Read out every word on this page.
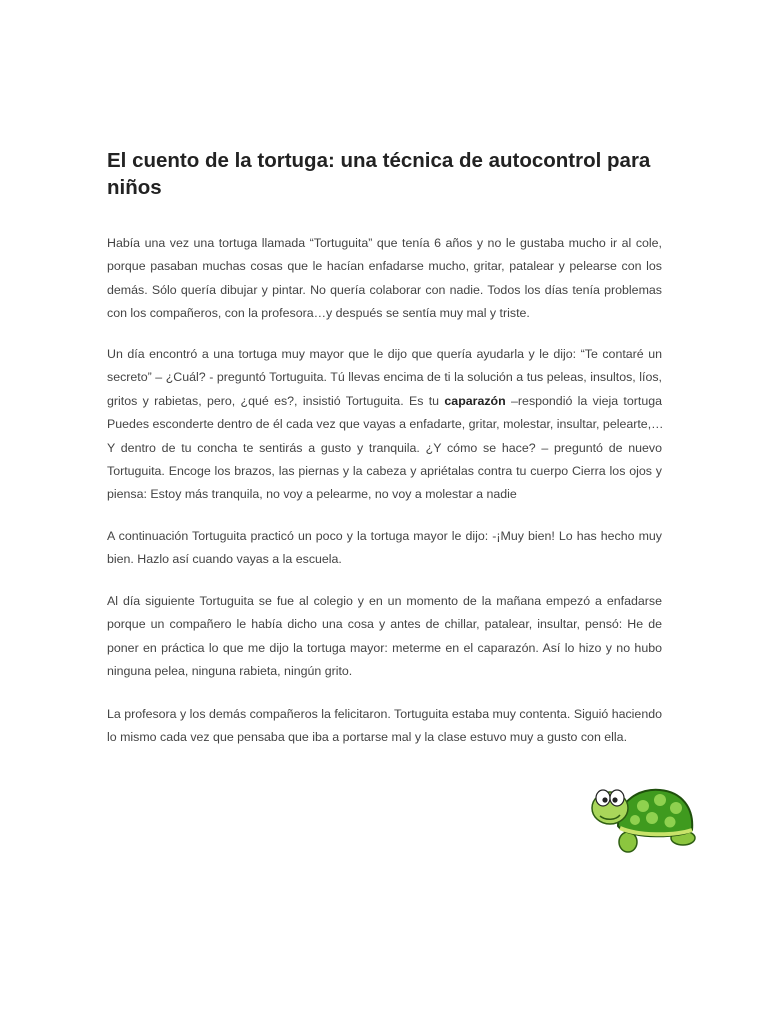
El cuento de la tortuga: una técnica de autocontrol para niños
Había una vez una tortuga llamada “Tortuguita” que tenía 6 años y no le gustaba mucho ir al cole,
porque pasaban muchas cosas que le hacían enfadarse mucho, gritar, patalear y pelearse con los
demás. Sólo quería dibujar y pintar. No quería colaborar con nadie. Todos los días tenía problemas
con los compañeros, con la profesora…y después se sentía muy mal y triste.
Un día encontró a una tortuga muy mayor que le dijo que quería ayudarla y le dijo: “Te contaré un
secreto” – ¿Cuál? - preguntó Tortuguita. Tú llevas encima de ti la solución a tus peleas, insultos, líos,
gritos y rabietas, pero, ¿qué es?, insistió Tortuguita. Es tu caparazón –respondió la vieja tortuga
Puedes esconderte dentro de él cada vez que vayas a enfadarte, gritar, molestar, insultar, pelearte,…
Y dentro de tu concha te sentirás a gusto y tranquila. ¿Y cómo se hace? – preguntó de nuevo
Tortuguita. Encoge los brazos, las piernas y la cabeza y apriétalas contra tu cuerpo Cierra los ojos y
piensa: Estoy más tranquila, no voy a pelearme, no voy a molestar a nadie
A continuación Tortuguita practicó un poco y la tortuga mayor le dijo: -¡Muy bien! Lo has hecho muy
bien. Hazlo así cuando vayas a la escuela.
Al día siguiente Tortuguita se fue al colegio y en un momento de la mañana empezó a enfadarse
porque un compañero le había dicho una cosa y antes de chillar, patalear, insultar, pensó: He de
poner en práctica lo que me dijo la tortuga mayor: meterme en el caparazón. Así lo hizo y no hubo
ninguna pelea, ninguna rabieta, ningún grito.
La profesora y los demás compañeros la felicitaron. Tortuguita estaba muy contenta. Siguió haciendo
lo mismo cada vez que pensaba que iba a portarse mal y la clase estuvo muy a gusto con ella.
